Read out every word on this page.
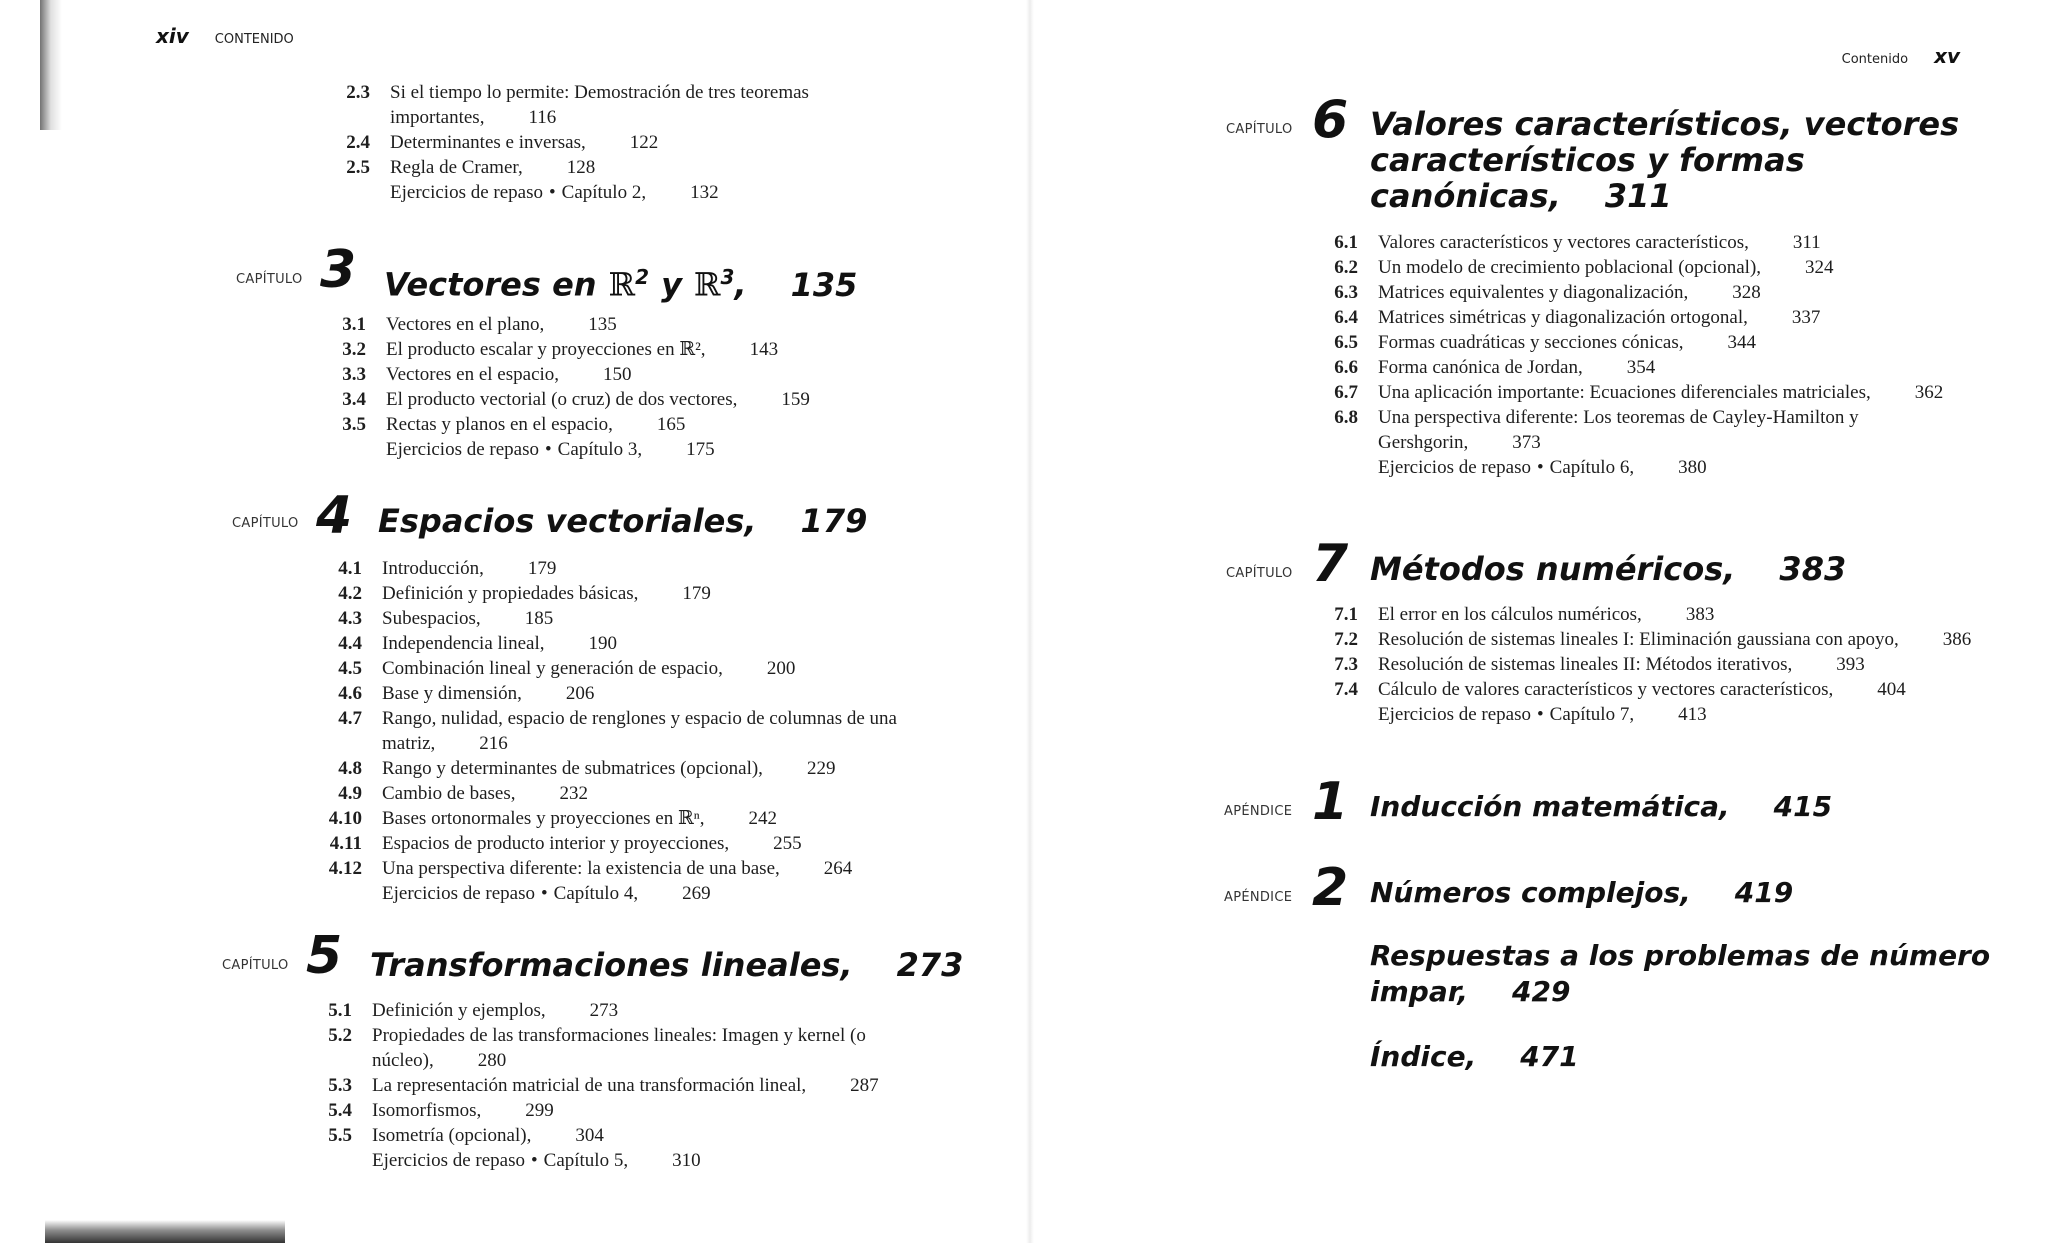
xiv CONTENIDO
2.3	Si el tiempo lo permite: Demostración de tres teoremas importantes, 116
2.4	Determinantes e inversas, 122
2.5	Regla de Cramer, 128
Ejercicios de repaso • Capítulo 2, 132
CAPÍTULO 3 Vectores en ℝ$^2$ y ℝ$^3$, 135
3.1	Vectores en el plano, 135
3.2	El producto escalar y proyecciones en ℝ², 143
3.3	Vectores en el espacio, 150
3.4	El producto vectorial (o cruz) de dos vectores, 159
3.5	Rectas y planos en el espacio, 165
Ejercicios de repaso • Capítulo 3, 175
CAPÍTULO 4 Espacios vectoriales, 179
4.1	Introducción, 179
4.2	Definición y propiedades básicas, 179
4.3	Subespacios, 185
4.4	Independencia lineal, 190
4.5	Combinación lineal y generación de espacio, 200
4.6	Base y dimensión, 206
4.7	Rango, nulidad, espacio de renglones y espacio de columnas de una matriz, 216
4.8	Rango y determinantes de submatrices (opcional), 229
4.9	Cambio de bases, 232
4.10	Bases ortonormales y proyecciones en ℝⁿ, 242
4.11	Espacios de producto interior y proyecciones, 255
4.12	Una perspectiva diferente: la existencia de una base, 264
Ejercicios de repaso • Capítulo 4, 269
CAPÍTULO 5 Transformaciones lineales, 273
5.1	Definición y ejemplos, 273
5.2	Propiedades de las transformaciones lineales: Imagen y kernel (o núcleo), 280
5.3	La representación matricial de una transformación lineal, 287
5.4	Isomorfismos, 299
5.5	Isometría (opcional), 304
Ejercicios de repaso • Capítulo 5, 310
Contenido xv
CAPÍTULO 6 Valores característicos, vectores
característicos y formas
canónicas, 311
6.1	Valores característicos y vectores característicos, 311
6.2	Un modelo de crecimiento poblacional (opcional), 324
6.3	Matrices equivalentes y diagonalización, 328
6.4	Matrices simétricas y diagonalización ortogonal, 337
6.5	Formas cuadráticas y secciones cónicas, 344
6.6	Forma canónica de Jordan, 354
6.7	Una aplicación importante: Ecuaciones diferenciales matriciales, 362
6.8	Una perspectiva diferente: Los teoremas de Cayley-Hamilton y Gershgorin, 373
Ejercicios de repaso • Capítulo 6, 380
CAPÍTULO 7 Métodos numéricos, 383
7.1	El error en los cálculos numéricos, 383
7.2	Resolución de sistemas lineales I: Eliminación gaussiana con apoyo, 386
7.3	Resolución de sistemas lineales II: Métodos iterativos, 393
7.4	Cálculo de valores característicos y vectores característicos, 404
Ejercicios de repaso • Capítulo 7, 413
APÉNDICE 1 Inducción matemática, 415
APÉNDICE 2 Números complejos, 419
Respuestas a los problemas de número
impar, 429
Índice, 471
